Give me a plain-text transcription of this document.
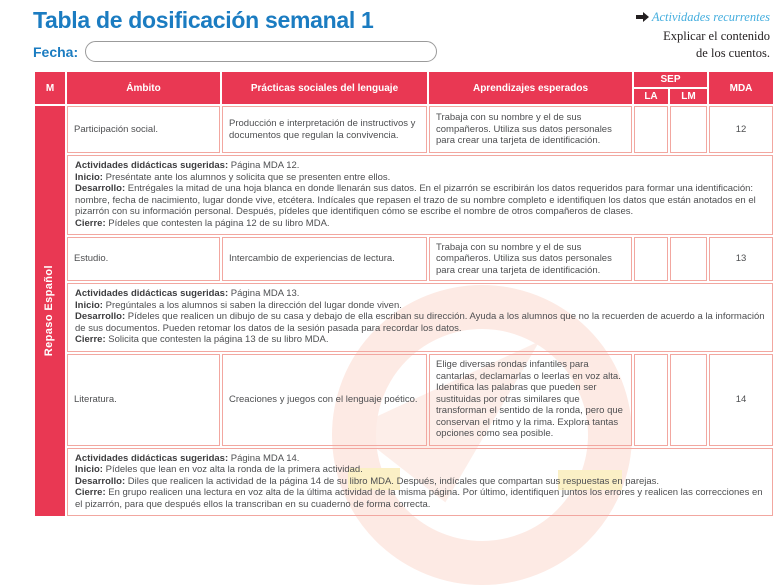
Actividades recurrentes
Explicar el contenido
de los cuentos.
Tabla de dosificación semanal 1
Fecha:
M	Ámbito	Prácticas sociales del lenguaje	Aprendizajes esperados	SEP		MDA
				LA	LM	

Repaso Español	Participación social.	Producción e interpretación de instructivos y documentos que regulan la convivencia.	Trabaja con su nombre y el de sus compañeros. Utiliza sus datos personales para crear una tarjeta de identificación.			12

	Actividades didácticas sugeridas: Página MDA 12.

Inicio: Preséntate ante los alumnos y solicita que se presenten entre ellos.

Desarrollo: Entrégales la mitad de una hoja blanca en donde llenarán sus datos. En el pizarrón se escribirán los datos requeridos para formar una identificación: nombre, fecha de nacimiento, lugar donde vive, etcétera. Indícales que repasen el trazo de su nombre completo e identifiquen los datos que están anotados en el pizarrón con su información personal. Después, pídeles que identifiquen cómo se escribe el nombre de otros compañeros de clases.

Cierre: Pídeles que contesten la página 12 de su libro MDA.					

	Estudio.	Intercambio de experiencias de lectura.	Trabaja con su nombre y el de sus compañeros. Utiliza sus datos personales para crear una tarjeta de identificación.			13

	Actividades didácticas sugeridas: Página MDA 13.

Inicio: Pregúntales a los alumnos si saben la dirección del lugar donde viven.

Desarrollo: Pídeles que realicen un dibujo de su casa y debajo de ella escriban su dirección. Ayuda a los alumnos que no la recuerden de acuerdo a la información de sus documentos. Pueden retomar los datos de la sesión pasada para recordar los datos.

Cierre: Solicita que contesten la página 13 de su libro MDA.					

	Literatura.	Creaciones y juegos con el lenguaje poético.	Elige diversas rondas infantiles para cantarlas, declamarlas o leerlas en voz alta. Identifica las palabras que pueden ser sustituidas por otras similares que transforman el sentido de la ronda, pero que conservan el ritmo y la rima. Explora tantas opciones como sea posible.			14

	Actividades didácticas sugeridas: Página MDA 14.

Inicio: Pídeles que lean en voz alta la ronda de la primera actividad.

Desarrollo: Diles que realicen la actividad de la página 14 de su libro MDA. Después, indícales que compartan sus respuestas en parejas.

Cierre: En grupo realicen una lectura en voz alta de la última actividad de la misma página. Por último, identifiquen juntos los errores y realicen las correcciones en el pizarrón, para que después ellos la transcriban en su cuaderno de forma correcta.					
